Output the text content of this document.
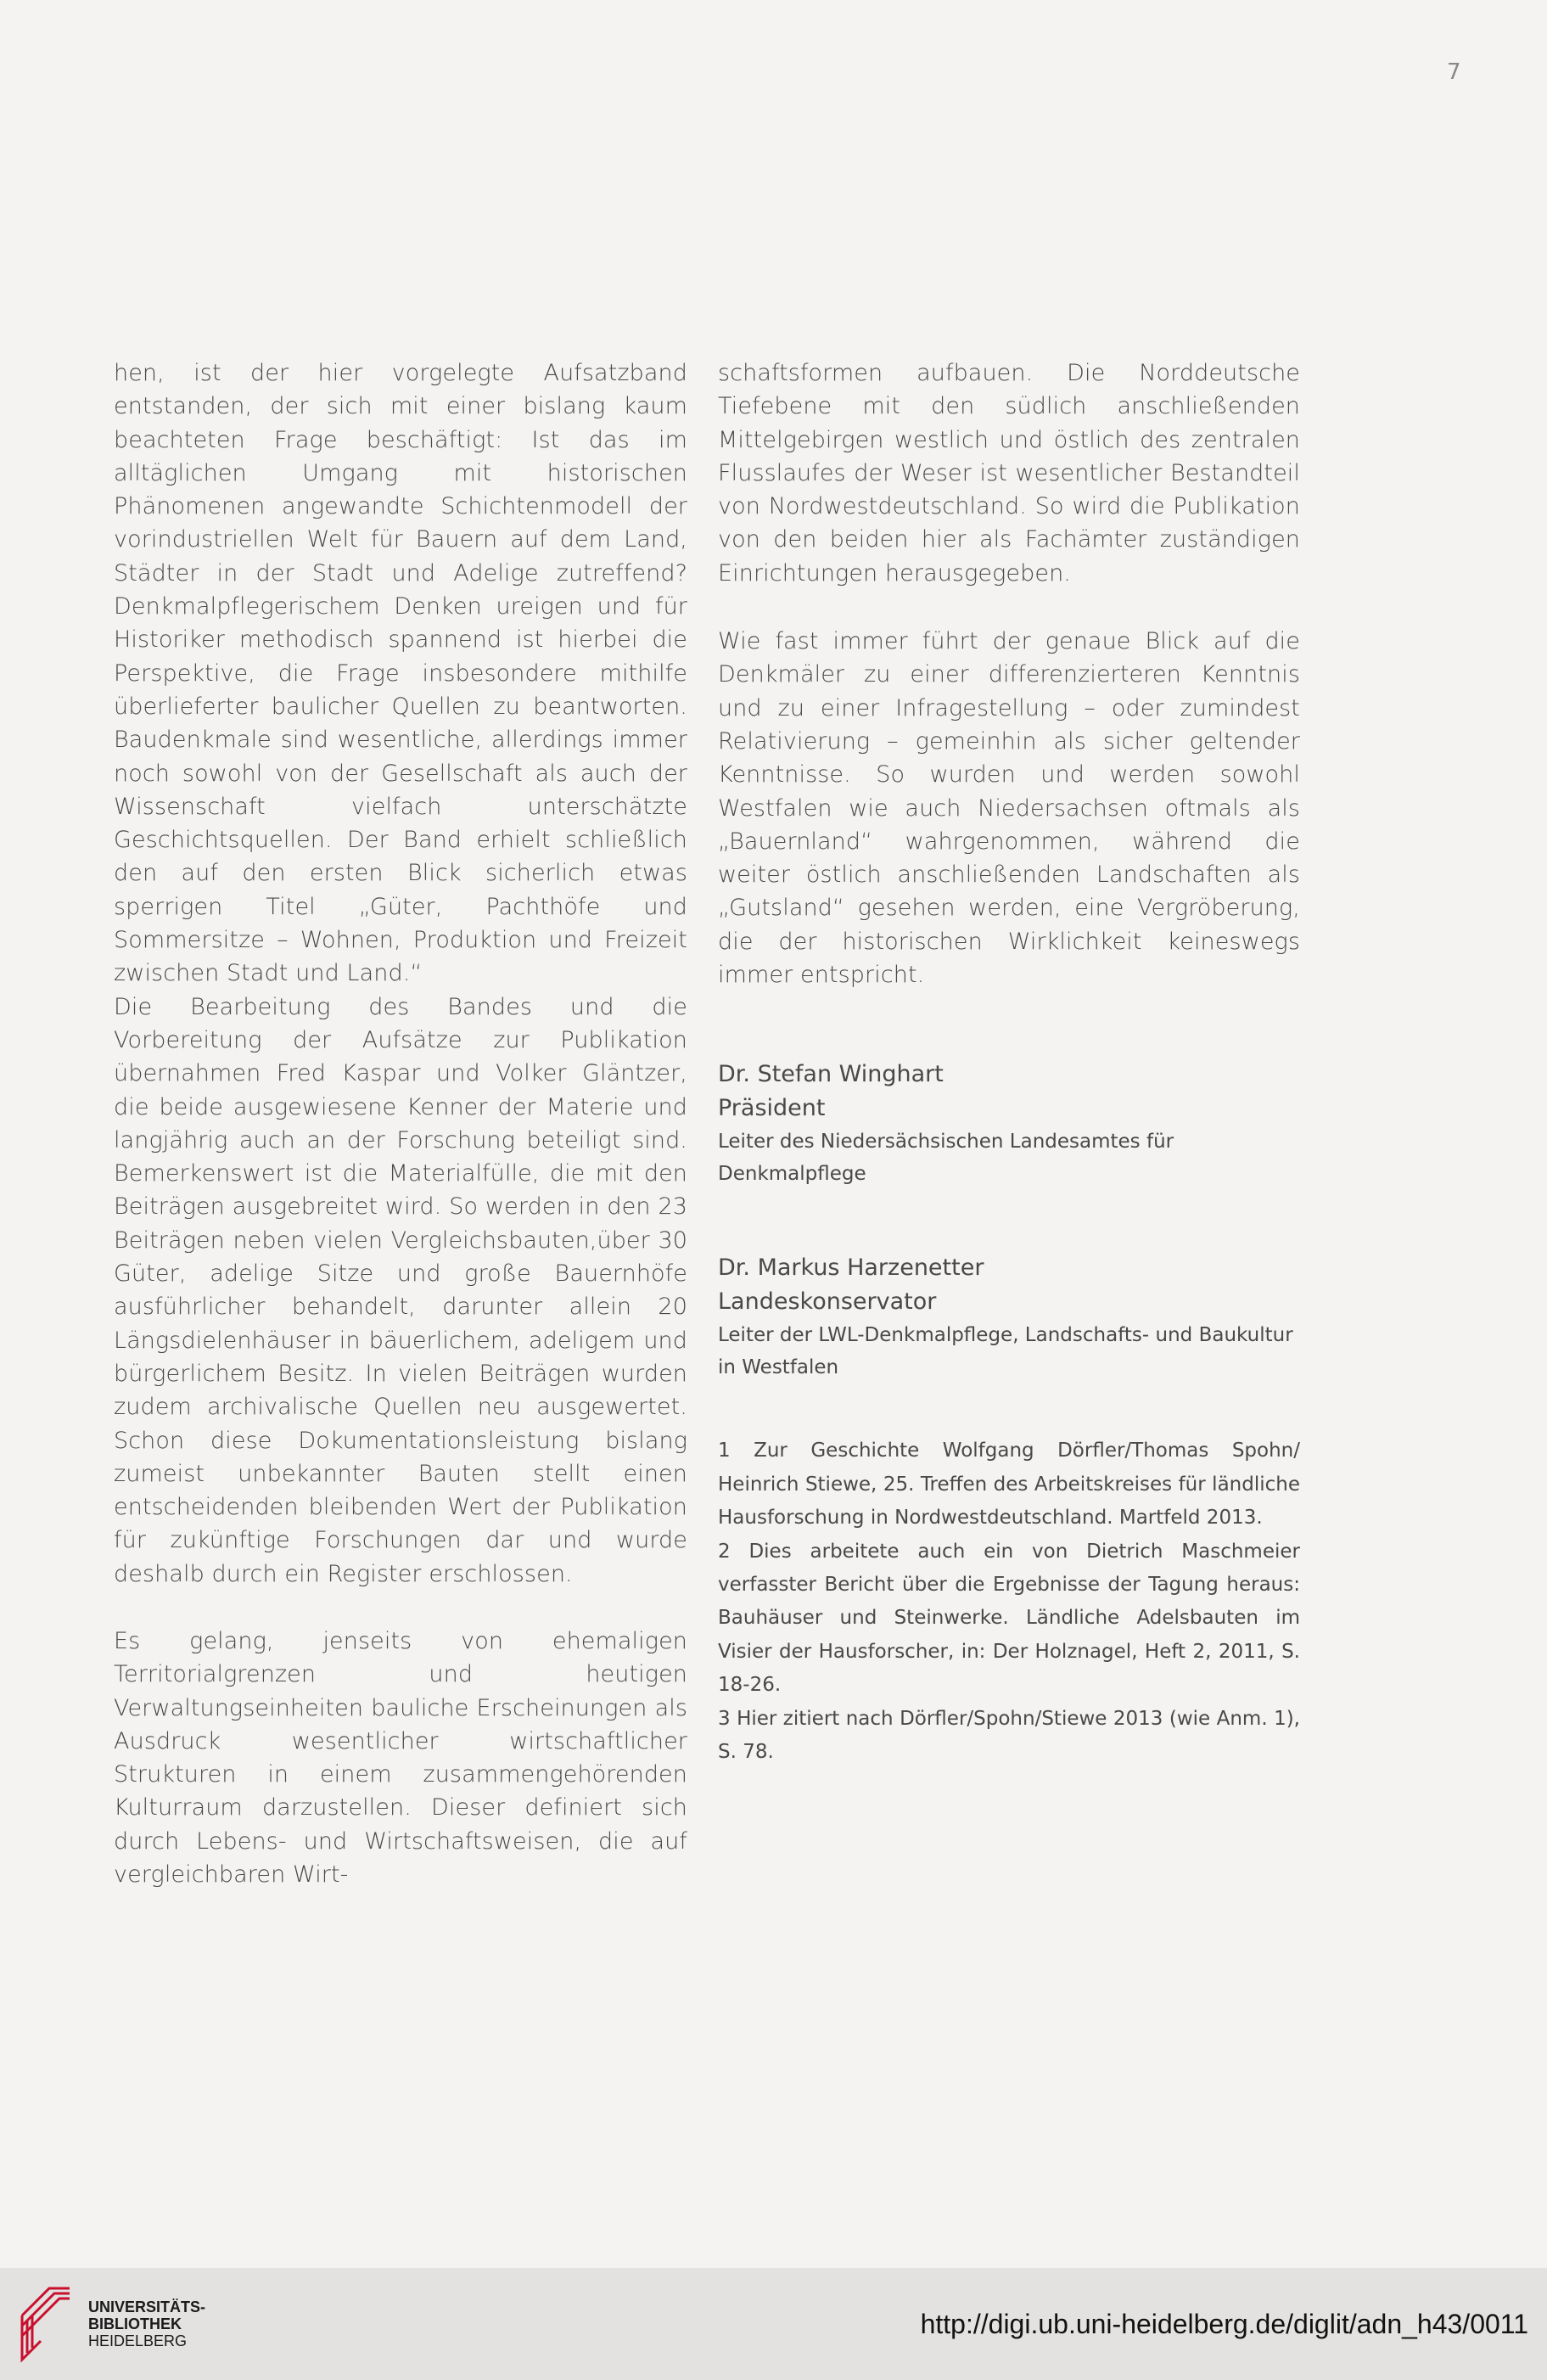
7

hen, ist der hier vorgelegte Aufsatzband entstanden, der sich mit einer bislang kaum beachteten Frage beschäftigt: Ist das im alltäglichen Umgang mit historischen Phänomenen angewandte Schichtenmodell der vorindustriellen Welt für Bauern auf dem Land, Städter in der Stadt und Adelige zutreffend? Denkmalpflegerischem Denken ureigen und für Historiker methodisch spannend ist hierbei die Perspektive, die Frage insbesondere mithilfe überlieferter baulicher Quellen zu beantworten. Baudenkmale sind wesentliche, allerdings immer noch sowohl von der Gesellschaft als auch der Wissenschaft vielfach unterschätzte Geschichtsquellen. Der Band erhielt schließlich den auf den ersten Blick sicherlich etwas sperrigen Titel „Güter, Pachthöfe und Sommersitze – Wohnen, Produktion und Freizeit zwischen Stadt und Land.“

Die Bearbeitung des Bandes und die Vorbereitung der Aufsätze zur Publikation übernahmen Fred Kaspar und Volker Gläntzer, die beide ausgewiesene Kenner der Materie und langjährig auch an der Forschung beteiligt sind. Bemerkenswert ist die Materialfülle, die mit den Beiträgen ausgebreitet wird. So werden in den 23 Beiträgen neben vielen Vergleichsbauten,über 30 Güter, adelige Sitze und große Bauernhöfe ausführlicher behandelt, darunter allein 20 Längsdielenhäuser in bäuerlichem, adeligem und bürgerlichem Besitz. In vielen Beiträgen wurden zudem archivalische Quellen neu ausgewertet. Schon diese Dokumentationsleistung bislang zumeist unbekannter Bauten stellt einen entscheidenden bleibenden Wert der Publikation für zukünftige Forschungen dar und wurde deshalb durch ein Register erschlossen.

Es gelang, jenseits von ehemaligen Territorialgrenzen und heutigen Verwaltungseinheiten bauliche Erscheinungen als Ausdruck wesentlicher wirtschaftlicher Strukturen in einem zusammengehörenden Kulturraum darzustellen. Dieser definiert sich durch Lebens- und Wirtschaftsweisen, die auf vergleichbaren Wirt-

schaftsformen aufbauen. Die Norddeutsche Tiefebene mit den südlich anschließenden Mittelgebirgen westlich und östlich des zentralen Flusslaufes der Weser ist wesentlicher Bestandteil von Nordwestdeutschland. So wird die Publikation von den beiden hier als Fachämter zuständigen Einrichtungen herausgegeben.

Wie fast immer führt der genaue Blick auf die Denkmäler zu einer differenzierteren Kenntnis und zu einer Infragestellung – oder zumindest Relativierung – gemeinhin als sicher geltender Kenntnisse. So wurden und werden sowohl Westfalen wie auch Niedersachsen oftmals als „Bauernland“ wahrgenommen, während die weiter östlich anschließenden Landschaften als „Gutsland“ gesehen werden, eine Vergröberung, die der historischen Wirklichkeit keineswegs immer entspricht.

Dr. Stefan Winghart

Präsident

Leiter des Niedersächsischen Landesamtes für Denkmalpflege

Dr. Markus Harzenetter

Landeskonservator

Leiter der LWL-Denkmalpflege, Landschafts- und Baukultur in Westfalen

1 Zur Geschichte Wolfgang Dörfler/Thomas Spohn/ Heinrich Stiewe, 25. Treffen des Arbeitskreises für ländliche Hausforschung in Nordwestdeutschland. Martfeld 2013.

2 Dies arbeitete auch ein von Dietrich Maschmeier verfasster Bericht über die Ergebnisse der Tagung heraus: Bauhäuser und Steinwerke. Ländliche Adelsbauten im Visier der Hausforscher, in: Der Holznagel, Heft 2, 2011, S. 18-26.

3 Hier zitiert nach Dörfler/Spohn/Stiewe 2013 (wie Anm. 1), S. 78.

UNIVERSITÄTS-
BIBLIOTHEK
HEIDELBERG
http://digi.ub.uni-heidelberg.de/diglit/adn_h43/0011
